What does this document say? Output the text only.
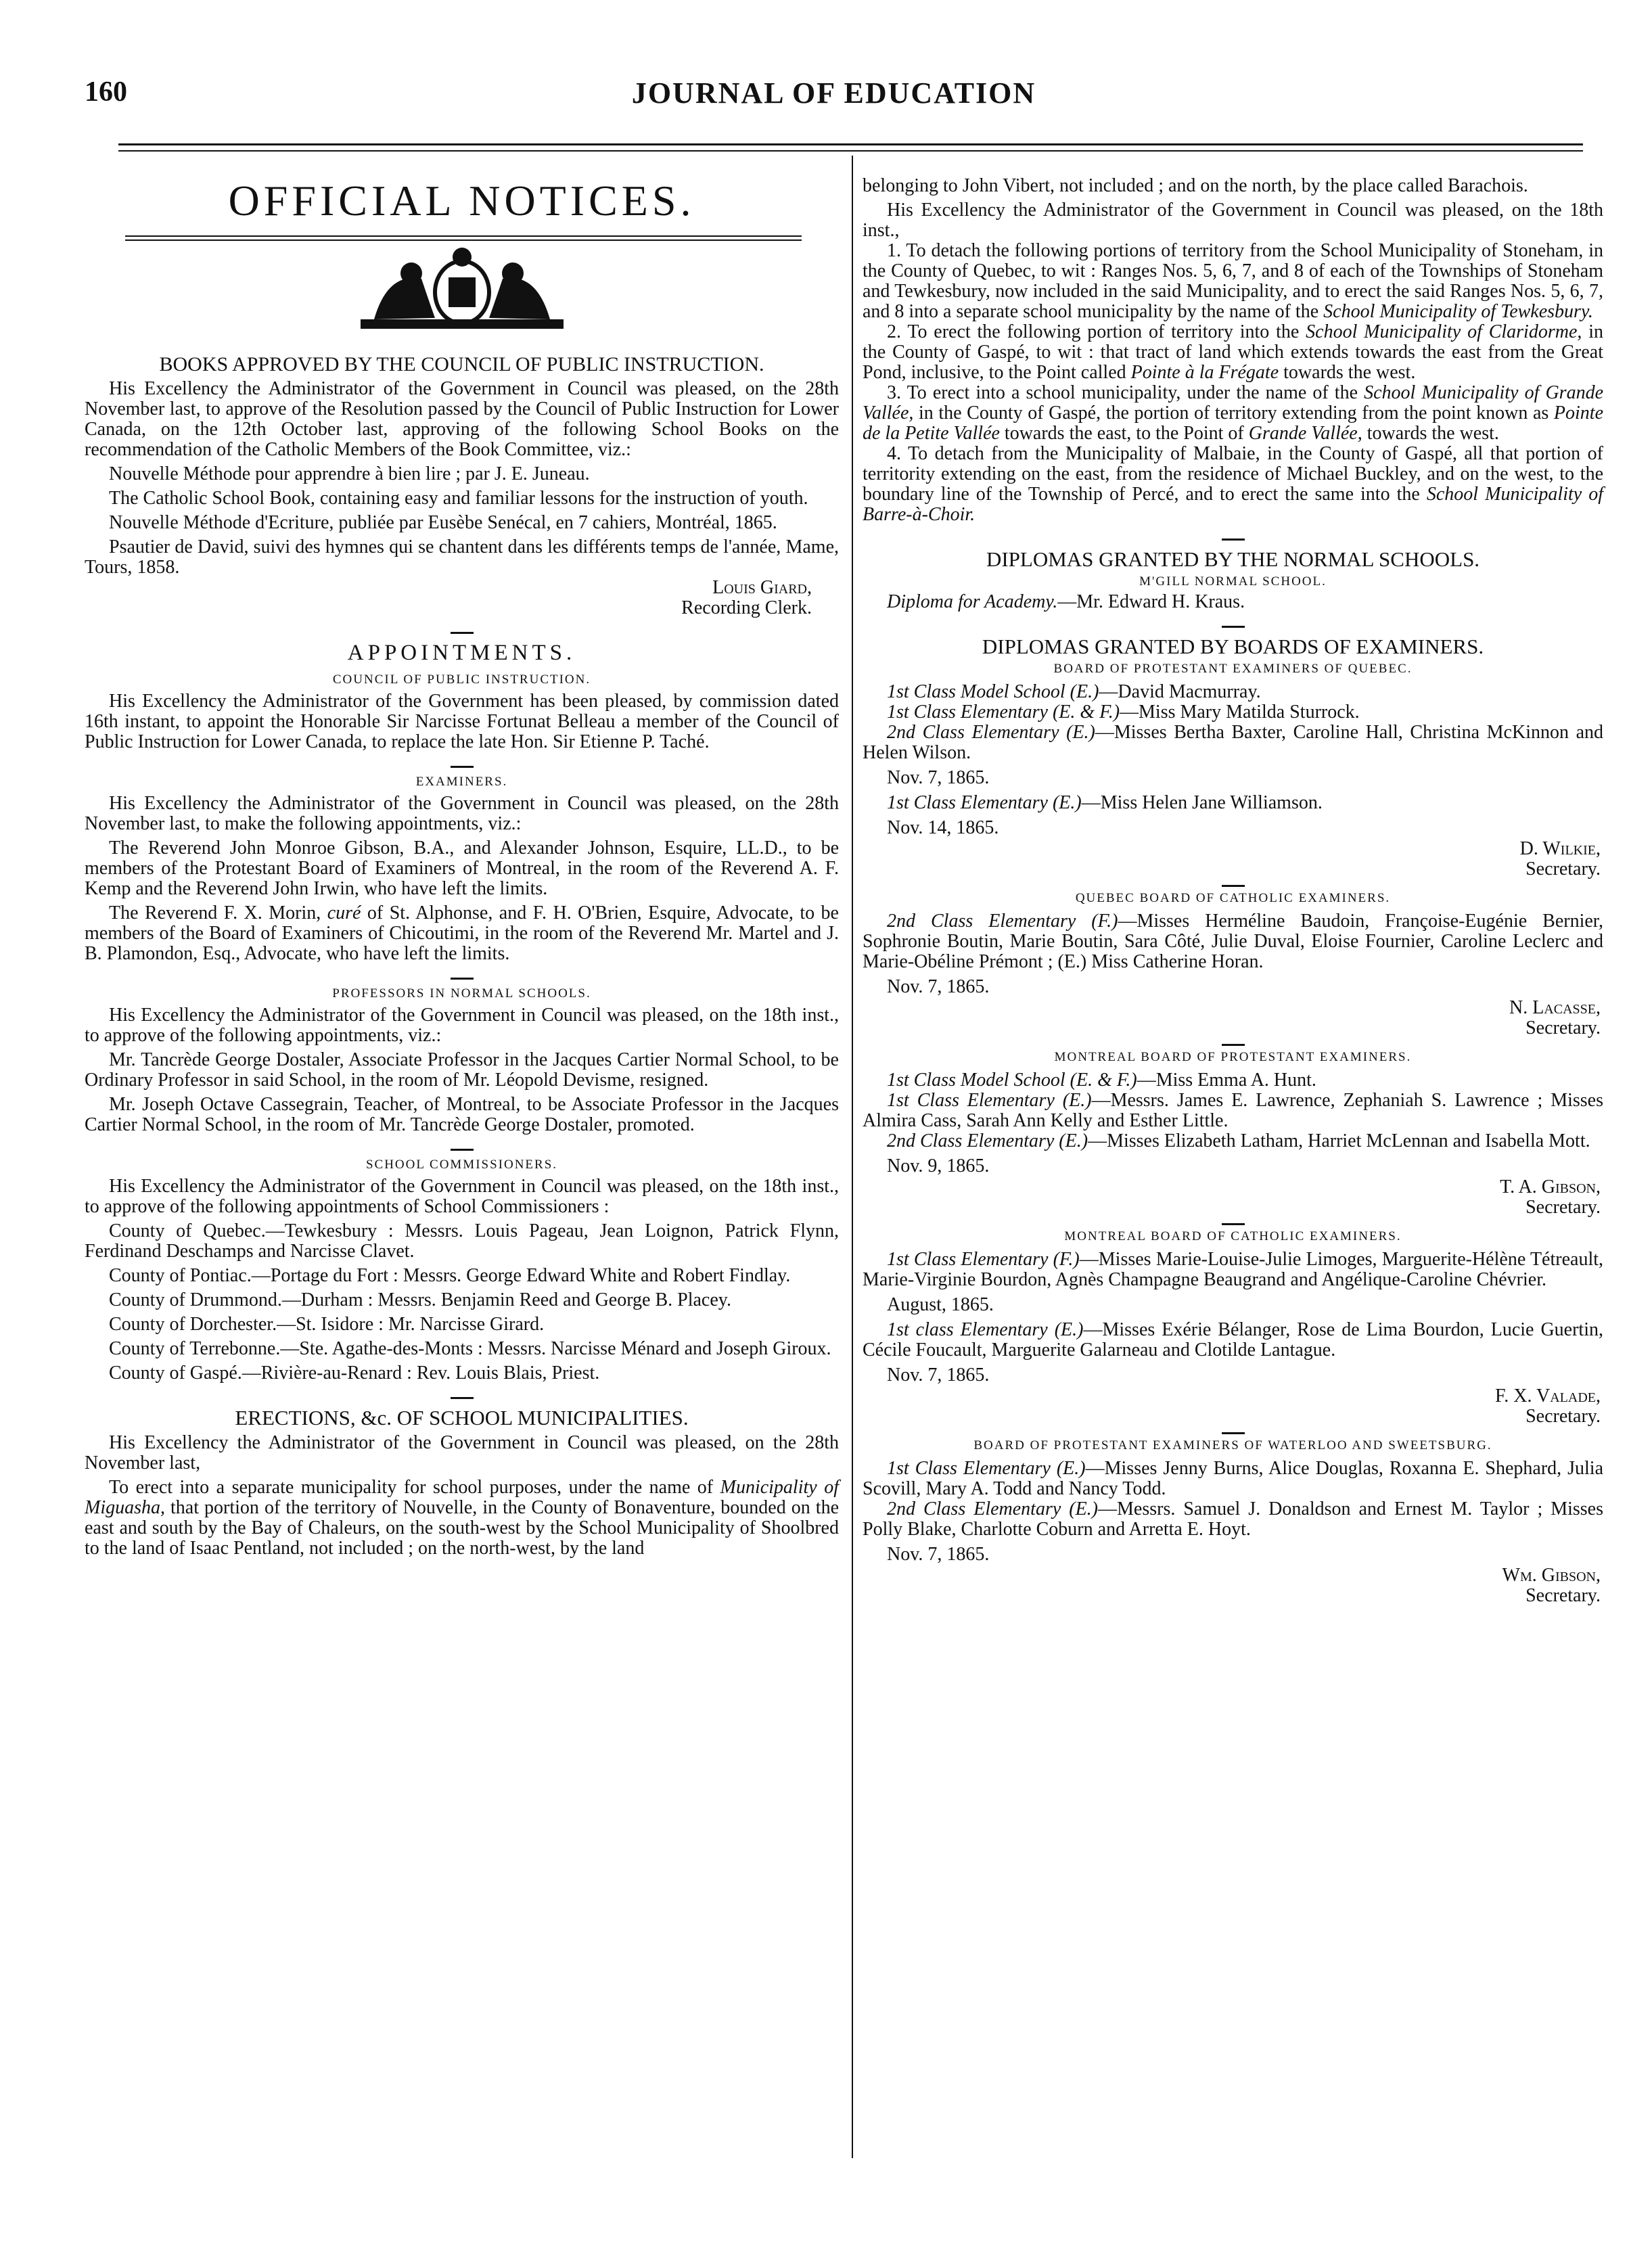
160	JOURNAL OF EDUCATION
OFFICIAL NOTICES.
BOOKS APPROVED BY THE COUNCIL OF PUBLIC INSTRUCTION.

His Excellency the Administrator of the Government in Council was pleased, on the 28th November last, to approve of the Resolution passed by the Council of Public Instruction for Lower Canada, on the 12th October last, approving of the following School Books on the recommendation of the Catholic Members of the Book Committee, viz.:

Nouvelle Méthode pour apprendre à bien lire ; par J. E. Juneau.

The Catholic School Book, containing easy and familiar lessons for the instruction of youth.

Nouvelle Méthode d'Ecriture, publiée par Eusèbe Senécal, en 7 cahiers, Montréal, 1865.

Psautier de David, suivi des hymnes qui se chantent dans les différents temps de l'année, Mame, Tours, 1858.

Louis Giard,
Recording Clerk.
APPOINTMENTS.
COUNCIL OF PUBLIC INSTRUCTION.

His Excellency the Administrator of the Government has been pleased, by commission dated 16th instant, to appoint the Honorable Sir Narcisse Fortunat Belleau a member of the Council of Public Instruction for Lower Canada, to replace the late Hon. Sir Etienne P. Taché.

EXAMINERS.

His Excellency the Administrator of the Government in Council was pleased, on the 28th November last, to make the following appointments, viz.:

The Reverend John Monroe Gibson, B.A., and Alexander Johnson, Esquire, LL.D., to be members of the Protestant Board of Examiners of Montreal, in the room of the Reverend A. F. Kemp and the Reverend John Irwin, who have left the limits.

The Reverend F. X. Morin, curé of St. Alphonse, and F. H. O'Brien, Esquire, Advocate, to be members of the Board of Examiners of Chicoutimi, in the room of the Reverend Mr. Martel and J. B. Plamondon, Esq., Advocate, who have left the limits.

PROFESSORS IN NORMAL SCHOOLS.

His Excellency the Administrator of the Government in Council was pleased, on the 18th inst., to approve of the following appointments, viz.:

Mr. Tancrède George Dostaler, Associate Professor in the Jacques Cartier Normal School, to be Ordinary Professor in said School, in the room of Mr. Léopold Devisme, resigned.

Mr. Joseph Octave Cassegrain, Teacher, of Montreal, to be Associate Professor in the Jacques Cartier Normal School, in the room of Mr. Tancrède George Dostaler, promoted.

SCHOOL COMMISSIONERS.

His Excellency the Administrator of the Government in Council was pleased, on the 18th inst., to approve of the following appointments of School Commissioners :

County of Quebec.—Tewkesbury : Messrs. Louis Pageau, Jean Loignon, Patrick Flynn, Ferdinand Deschamps and Narcisse Clavet.

County of Pontiac.—Portage du Fort : Messrs. George Edward White and Robert Findlay.

County of Drummond.—Durham : Messrs. Benjamin Reed and George B. Placey.

County of Dorchester.—St. Isidore : Mr. Narcisse Girard.

County of Terrebonne.—Ste. Agathe-des-Monts : Messrs. Narcisse Ménard and Joseph Giroux.

County of Gaspé.—Rivière-au-Renard : Rev. Louis Blais, Priest.

ERECTIONS, &c. OF SCHOOL MUNICIPALITIES.

His Excellency the Administrator of the Government in Council was pleased, on the 28th November last,

To erect into a separate municipality for school purposes, under the name of Municipality of Miguasha, that portion of the territory of Nouvelle, in the County of Bonaventure, bounded on the east and south by the Bay of Chaleurs, on the south-west by the School Municipality of Shoolbred to the land of Isaac Pentland, not included ; on the north-west, by the land

belonging to John Vibert, not included ; and on the north, by the place called Barachois.

His Excellency the Administrator of the Government in Council was pleased, on the 18th inst.,

1. To detach the following portions of territory from the School Municipality of Stoneham, in the County of Quebec, to wit : Ranges Nos. 5, 6, 7, and 8 of each of the Townships of Stoneham and Tewkesbury, now included in the said Municipality, and to erect the said Ranges Nos. 5, 6, 7, and 8 into a separate school municipality by the name of the School Municipality of Tewkesbury.

2. To erect the following portion of territory into the School Municipality of Claridorme, in the County of Gaspé, to wit : that tract of land which extends towards the east from the Great Pond, inclusive, to the Point called Pointe à la Frégate towards the west.

3. To erect into a school municipality, under the name of the School Municipality of Grande Vallée, in the County of Gaspé, the portion of territory extending from the point known as Pointe de la Petite Vallée towards the east, to the Point of Grande Vallée, towards the west.

4. To detach from the Municipality of Malbaie, in the County of Gaspé, all that portion of territority extending on the east, from the residence of Michael Buckley, and on the west, to the boundary line of the Township of Percé, and to erect the same into the School Municipality of Barre-à-Choir.

DIPLOMAS GRANTED BY THE NORMAL SCHOOLS.
M'GILL NORMAL SCHOOL.

Diploma for Academy.—Mr. Edward H. Kraus.

DIPLOMAS GRANTED BY BOARDS OF EXAMINERS.
BOARD OF PROTESTANT EXAMINERS OF QUEBEC.

1st Class Model School (E.)—David Macmurray.

1st Class Elementary (E. & F.)—Miss Mary Matilda Sturrock.

2nd Class Elementary (E.)—Misses Bertha Baxter, Caroline Hall, Christina McKinnon and Helen Wilson.

Nov. 7, 1865.

1st Class Elementary (E.)—Miss Helen Jane Williamson.

Nov. 14, 1865.
D. Wilkie,
Secretary.
QUEBEC BOARD OF CATHOLIC EXAMINERS.

2nd Class Elementary (F.)—Misses Herméline Baudoin, Françoise-Eugénie Bernier, Sophronie Boutin, Marie Boutin, Sara Côté, Julie Duval, Eloise Fournier, Caroline Leclerc and Marie-Obéline Prémont ; (E.) Miss Catherine Horan.

Nov. 7, 1865.
N. Lacasse,
Secretary.
MONTREAL BOARD OF PROTESTANT EXAMINERS.

1st Class Model School (E. & F.)—Miss Emma A. Hunt.

1st Class Elementary (E.)—Messrs. James E. Lawrence, Zephaniah S. Lawrence ; Misses Almira Cass, Sarah Ann Kelly and Esther Little.

2nd Class Elementary (E.)—Misses Elizabeth Latham, Harriet McLennan and Isabella Mott.

Nov. 9, 1865.
T. A. Gibson,
Secretary.
MONTREAL BOARD OF CATHOLIC EXAMINERS.

1st Class Elementary (F.)—Misses Marie-Louise-Julie Limoges, Marguerite-Hélène Tétreault, Marie-Virginie Bourdon, Agnès Champagne Beaugrand and Angélique-Caroline Chévrier.

August, 1865.

1st class Elementary (E.)—Misses Exérie Bélanger, Rose de Lima Bourdon, Lucie Guertin, Cécile Foucault, Marguerite Galarneau and Clotilde Lantague.

Nov. 7, 1865.
F. X. Valade,
Secretary.
BOARD OF PROTESTANT EXAMINERS OF WATERLOO AND SWEETSBURG.

1st Class Elementary (E.)—Misses Jenny Burns, Alice Douglas, Roxanna E. Shephard, Julia Scovill, Mary A. Todd and Nancy Todd.

2nd Class Elementary (E.)—Messrs. Samuel J. Donaldson and Ernest M. Taylor ; Misses Polly Blake, Charlotte Coburn and Arretta E. Hoyt.

Nov. 7, 1865.
Wm. Gibson,
Secretary.
